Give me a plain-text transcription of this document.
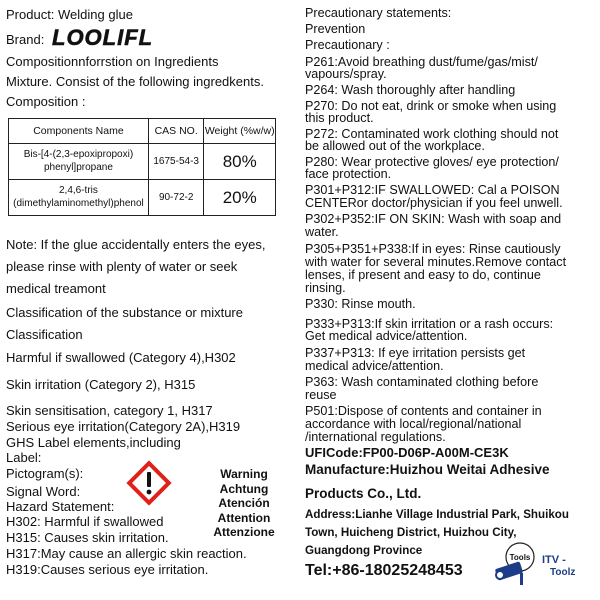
Product: Welding glue
Brand: LOOLIFL
Compositionnforrstion on Ingredients
Mixture. Consist of the following ingredkents.
Composition :
Components Name	CAS NO.	Weight (%w/w)

Bis-[4-(2,3-epoxipropoxi)
phenyl]propane	1675-54-3	80%

2,4,6-tris
(dimethylaminomethyl)phenol	90-72-2	20%
Note: If the glue accidentally enters the eyes,
please rinse with plenty of water or seek
medical treamont
Classification of the substance or mixture
Classification
Harmful if swallowed (Category 4),H302
Skin irritation (Category 2), H315
Skin sensitisation, category 1, H317
Serious eye irritation(Category 2A),H319
GHS Label elements,including
Label:
Pictogram(s):
Signal Word:
Hazard Statement:
H302: Harmful if swallowed
H315: Causes skin irritation.
H317:May cause an allergic skin reaction.
H319:Causes serious eye irritation.
Warning
Achtung
Atención
Attention
Attenzione
Precautionary statements:
Prevention
Precautionary :
P261:Avoid breathing dust/fume/gas/mist/
vapours/spray.
P264: Wash thoroughly after handling
P270: Do not eat, drink or smoke when using
this product.
P272: Contaminated work clothing should not
be allowed out of the workplace.
P280: Wear protective gloves/ eye protection/
face protection.
P301+P312:IF SWALLOWED: Cal a POISON
CENTERor doctor/physician if you feel unwell.
P302+P352:IF ON SKIN: Wash with soap and
water.
P305+P351+P338:If in eyes: Rinse cautiously
with water for several minutes.Remove contact
lenses, if present and easy to do, continue
rinsing.
P330: Rinse mouth.
P333+P313:If skin irritation or a rash occurs:
Get medical advice/attention.
P337+P313: If eye irritation persists get
medical advice/attention.
P363: Wash contaminated clothing before
reuse
P501:Dispose of contents and container in
accordance with local/regional/national
/international regulations.
UFICode:FP00-D06P-A00M-CE3K
Manufacture:Huizhou Weitai Adhesive
Products Co., Ltd.
Address:Lianhe Village Industrial Park, Shuikou
Town, Huicheng District, Huizhou City,
Guangdong Province
Tel:+86-18025248453
Tools ITV -
Toolz
